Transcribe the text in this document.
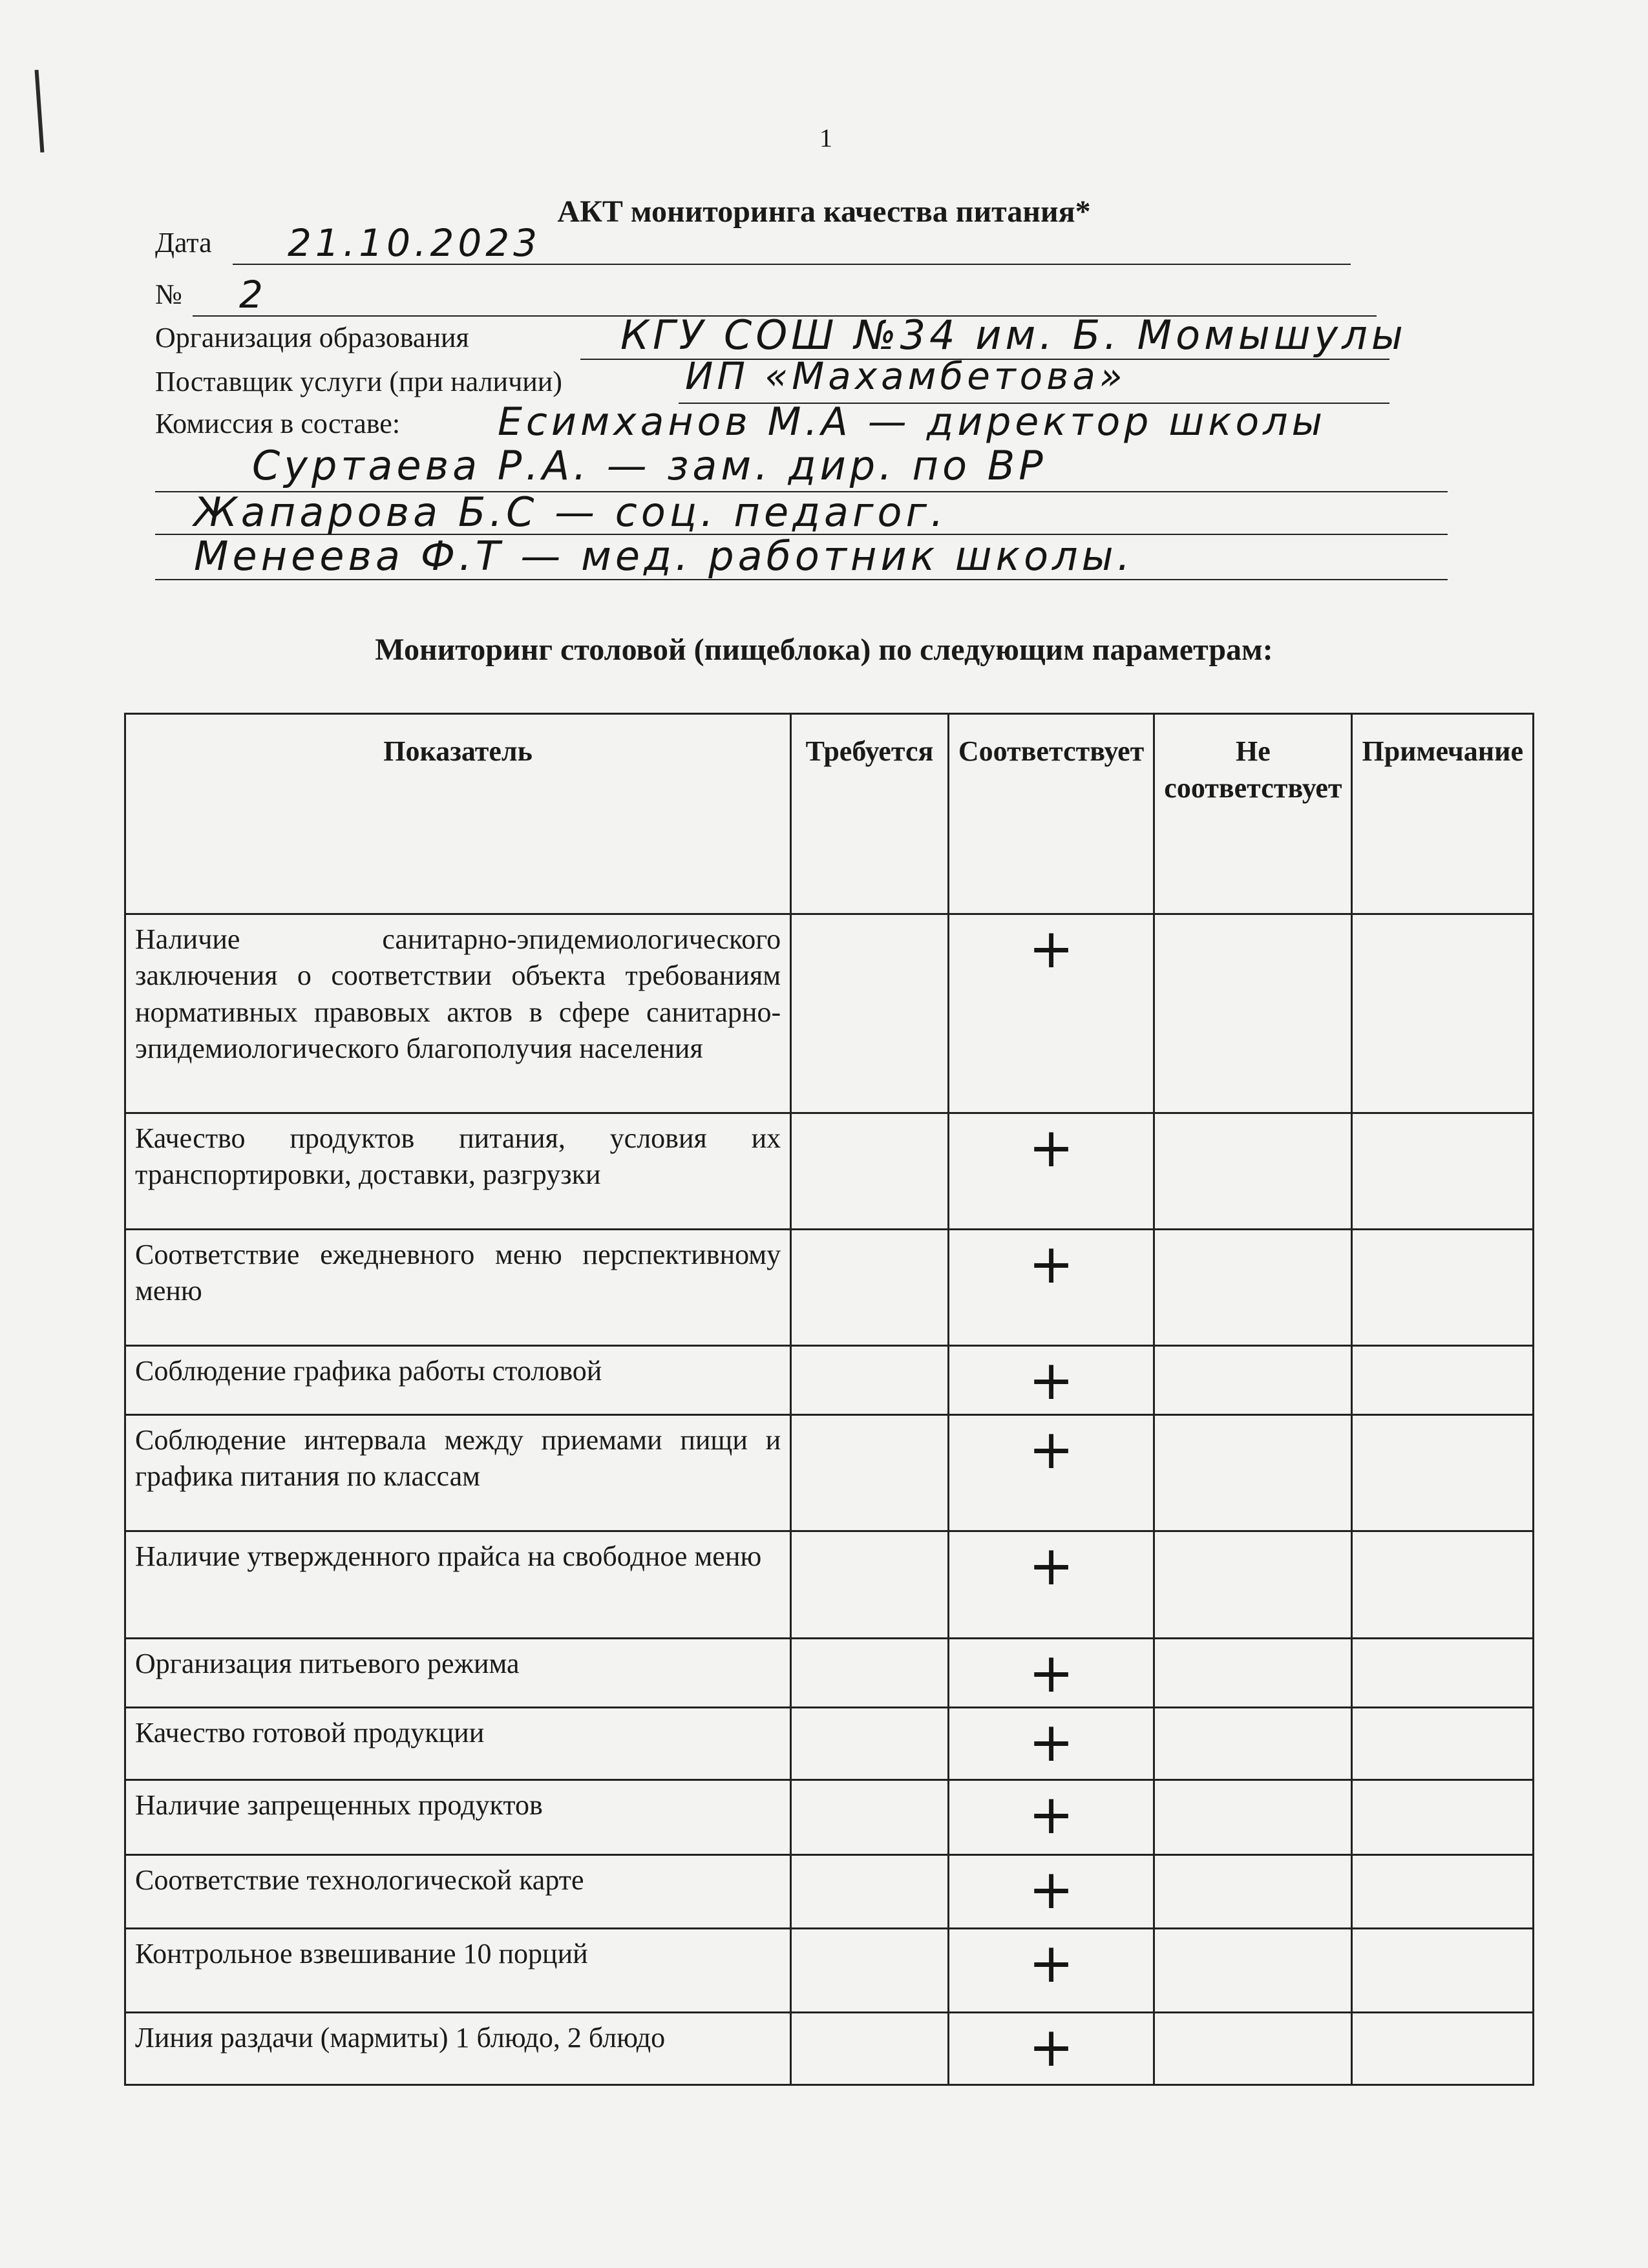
1
АКТ мониторинга качества питания*
Дата 21.10.2023
№ 2
Организация образования	КГУ СОШ №34 им. Б. Момышулы
Поставщик услуги (при наличии)	ИП «Махамбетова»
Комиссия в составе:	Есимханов М.А — директор школы
Суртаева Р.А. — зам. дир. по ВР
Жапарова Б.С — соц. педагог.
Менеева Ф.Т — мед. работник школы.
Мониторинг столовой (пищеблока) по следующим параметрам:
Показатель	Требуется	Соответствует	Не соответствует	Примечание
Наличие санитарно-эпидемиологического заключения о соответствии объекта требованиям нормативных правовых актов в сфере санитарно-эпидемиологического благополучия населения		+		
Качество продуктов питания, условия их транспортировки, доставки, разгрузки		+		
Соответствие ежедневного меню перспективному меню		+		
Соблюдение графика работы столовой		+		
Соблюдение интервала между приемами пищи и графика питания по классам		+		
Наличие утвержденного прайса на свободное меню		+		
Организация питьевого режима		+		
Качество готовой продукции		+		
Наличие запрещенных продуктов		+		
Соответствие технологической карте		+		
Контрольное взвешивание 10 порций		+		
Линия раздачи (мармиты) 1 блюдо, 2 блюдо		+		
